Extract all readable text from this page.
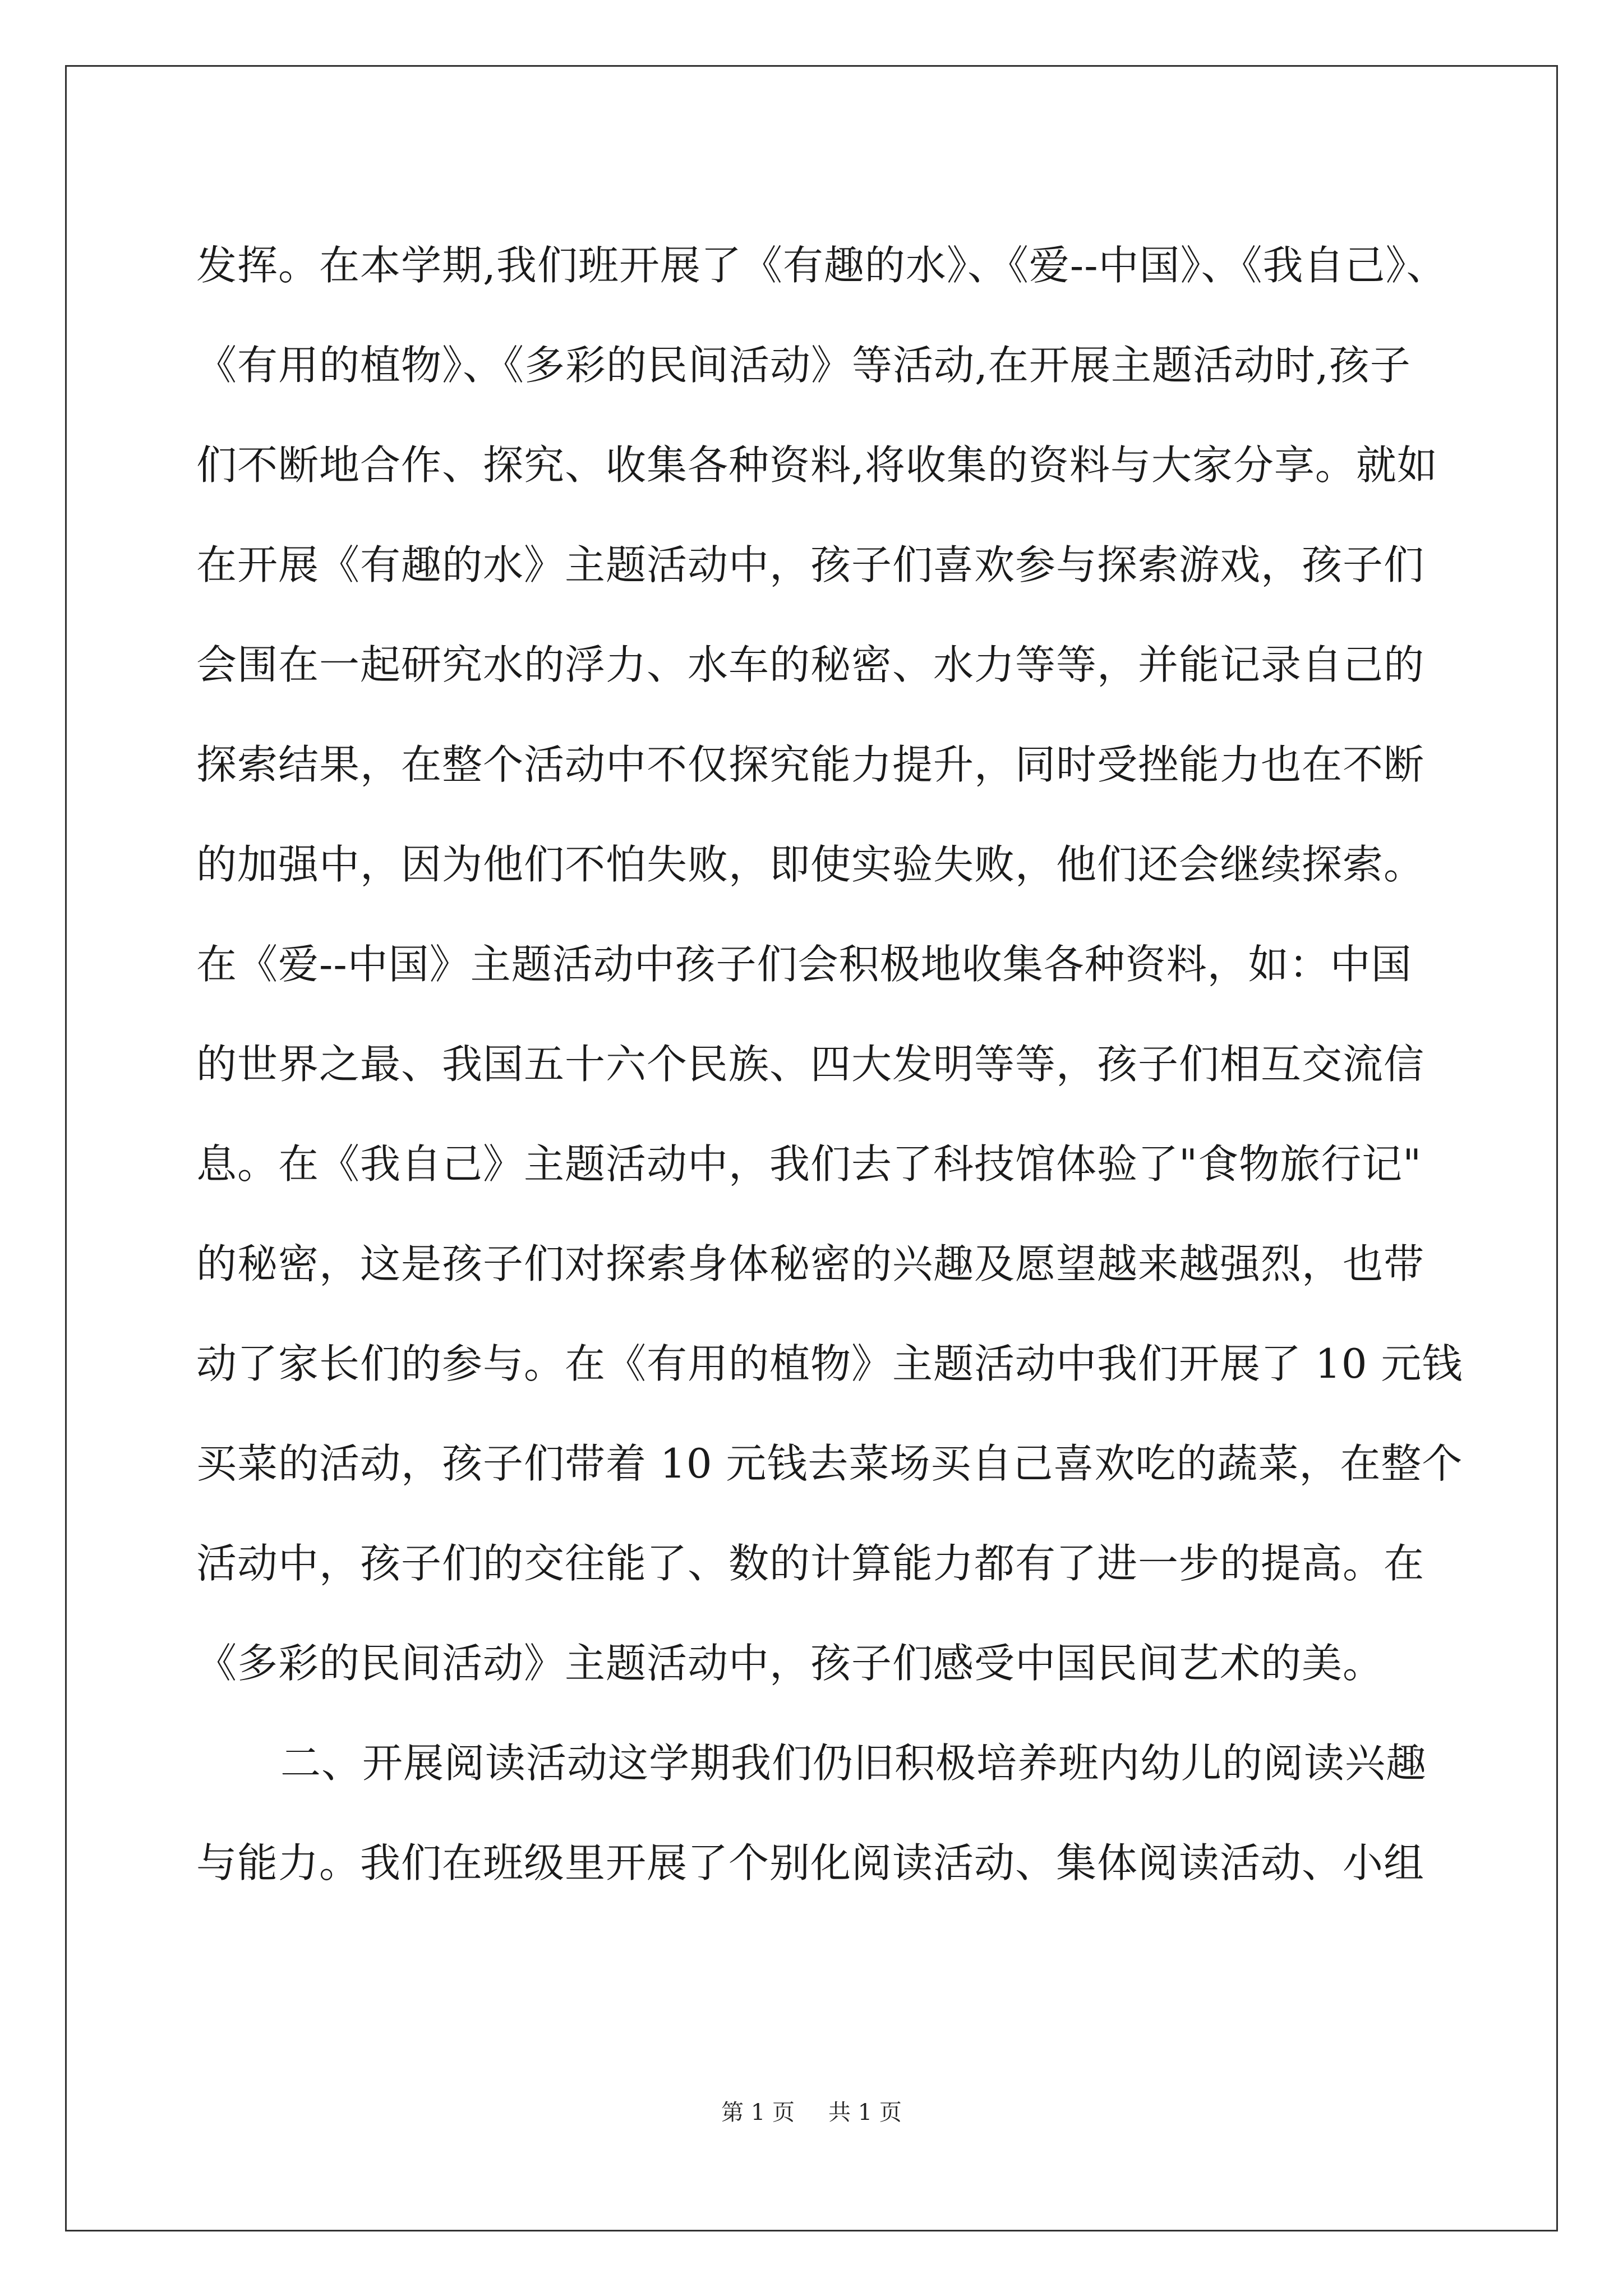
发挥。在本学期,我们班开展了《有趣的水》、《爱--中国》、《我自己》、
《有用的植物》、《多彩的民间活动》等活动,在开展主题活动时,孩子
们不断地合作、探究、收集各种资料,将收集的资料与大家分享。就如
在开展《有趣的水》主题活动中，孩子们喜欢参与探索游戏，孩子们
会围在一起研究水的浮力、水车的秘密、水力等等，并能记录自己的
探索结果，在整个活动中不仅探究能力提升，同时受挫能力也在不断
的加强中，因为他们不怕失败，即使实验失败，他们还会继续探索。
在《爱--中国》主题活动中孩子们会积极地收集各种资料，如：中国
的世界之最、我国五十六个民族、四大发明等等，孩子们相互交流信
息。在《我自己》主题活动中，我们去了科技馆体验了"食物旅行记"
的秘密，这是孩子们对探索身体秘密的兴趣及愿望越来越强烈，也带
动了家长们的参与。在《有用的植物》主题活动中我们开展了 10 元钱
买菜的活动，孩子们带着 10 元钱去菜场买自己喜欢吃的蔬菜，在整个
活动中，孩子们的交往能了、数的计算能力都有了进一步的提高。在
《多彩的民间活动》主题活动中，孩子们感受中国民间艺术的美。
二、开展阅读活动这学期我们仍旧积极培养班内幼儿的阅读兴趣
与能力。我们在班级里开展了个别化阅读活动、集体阅读活动、小组
第 1 页 共 1 页
